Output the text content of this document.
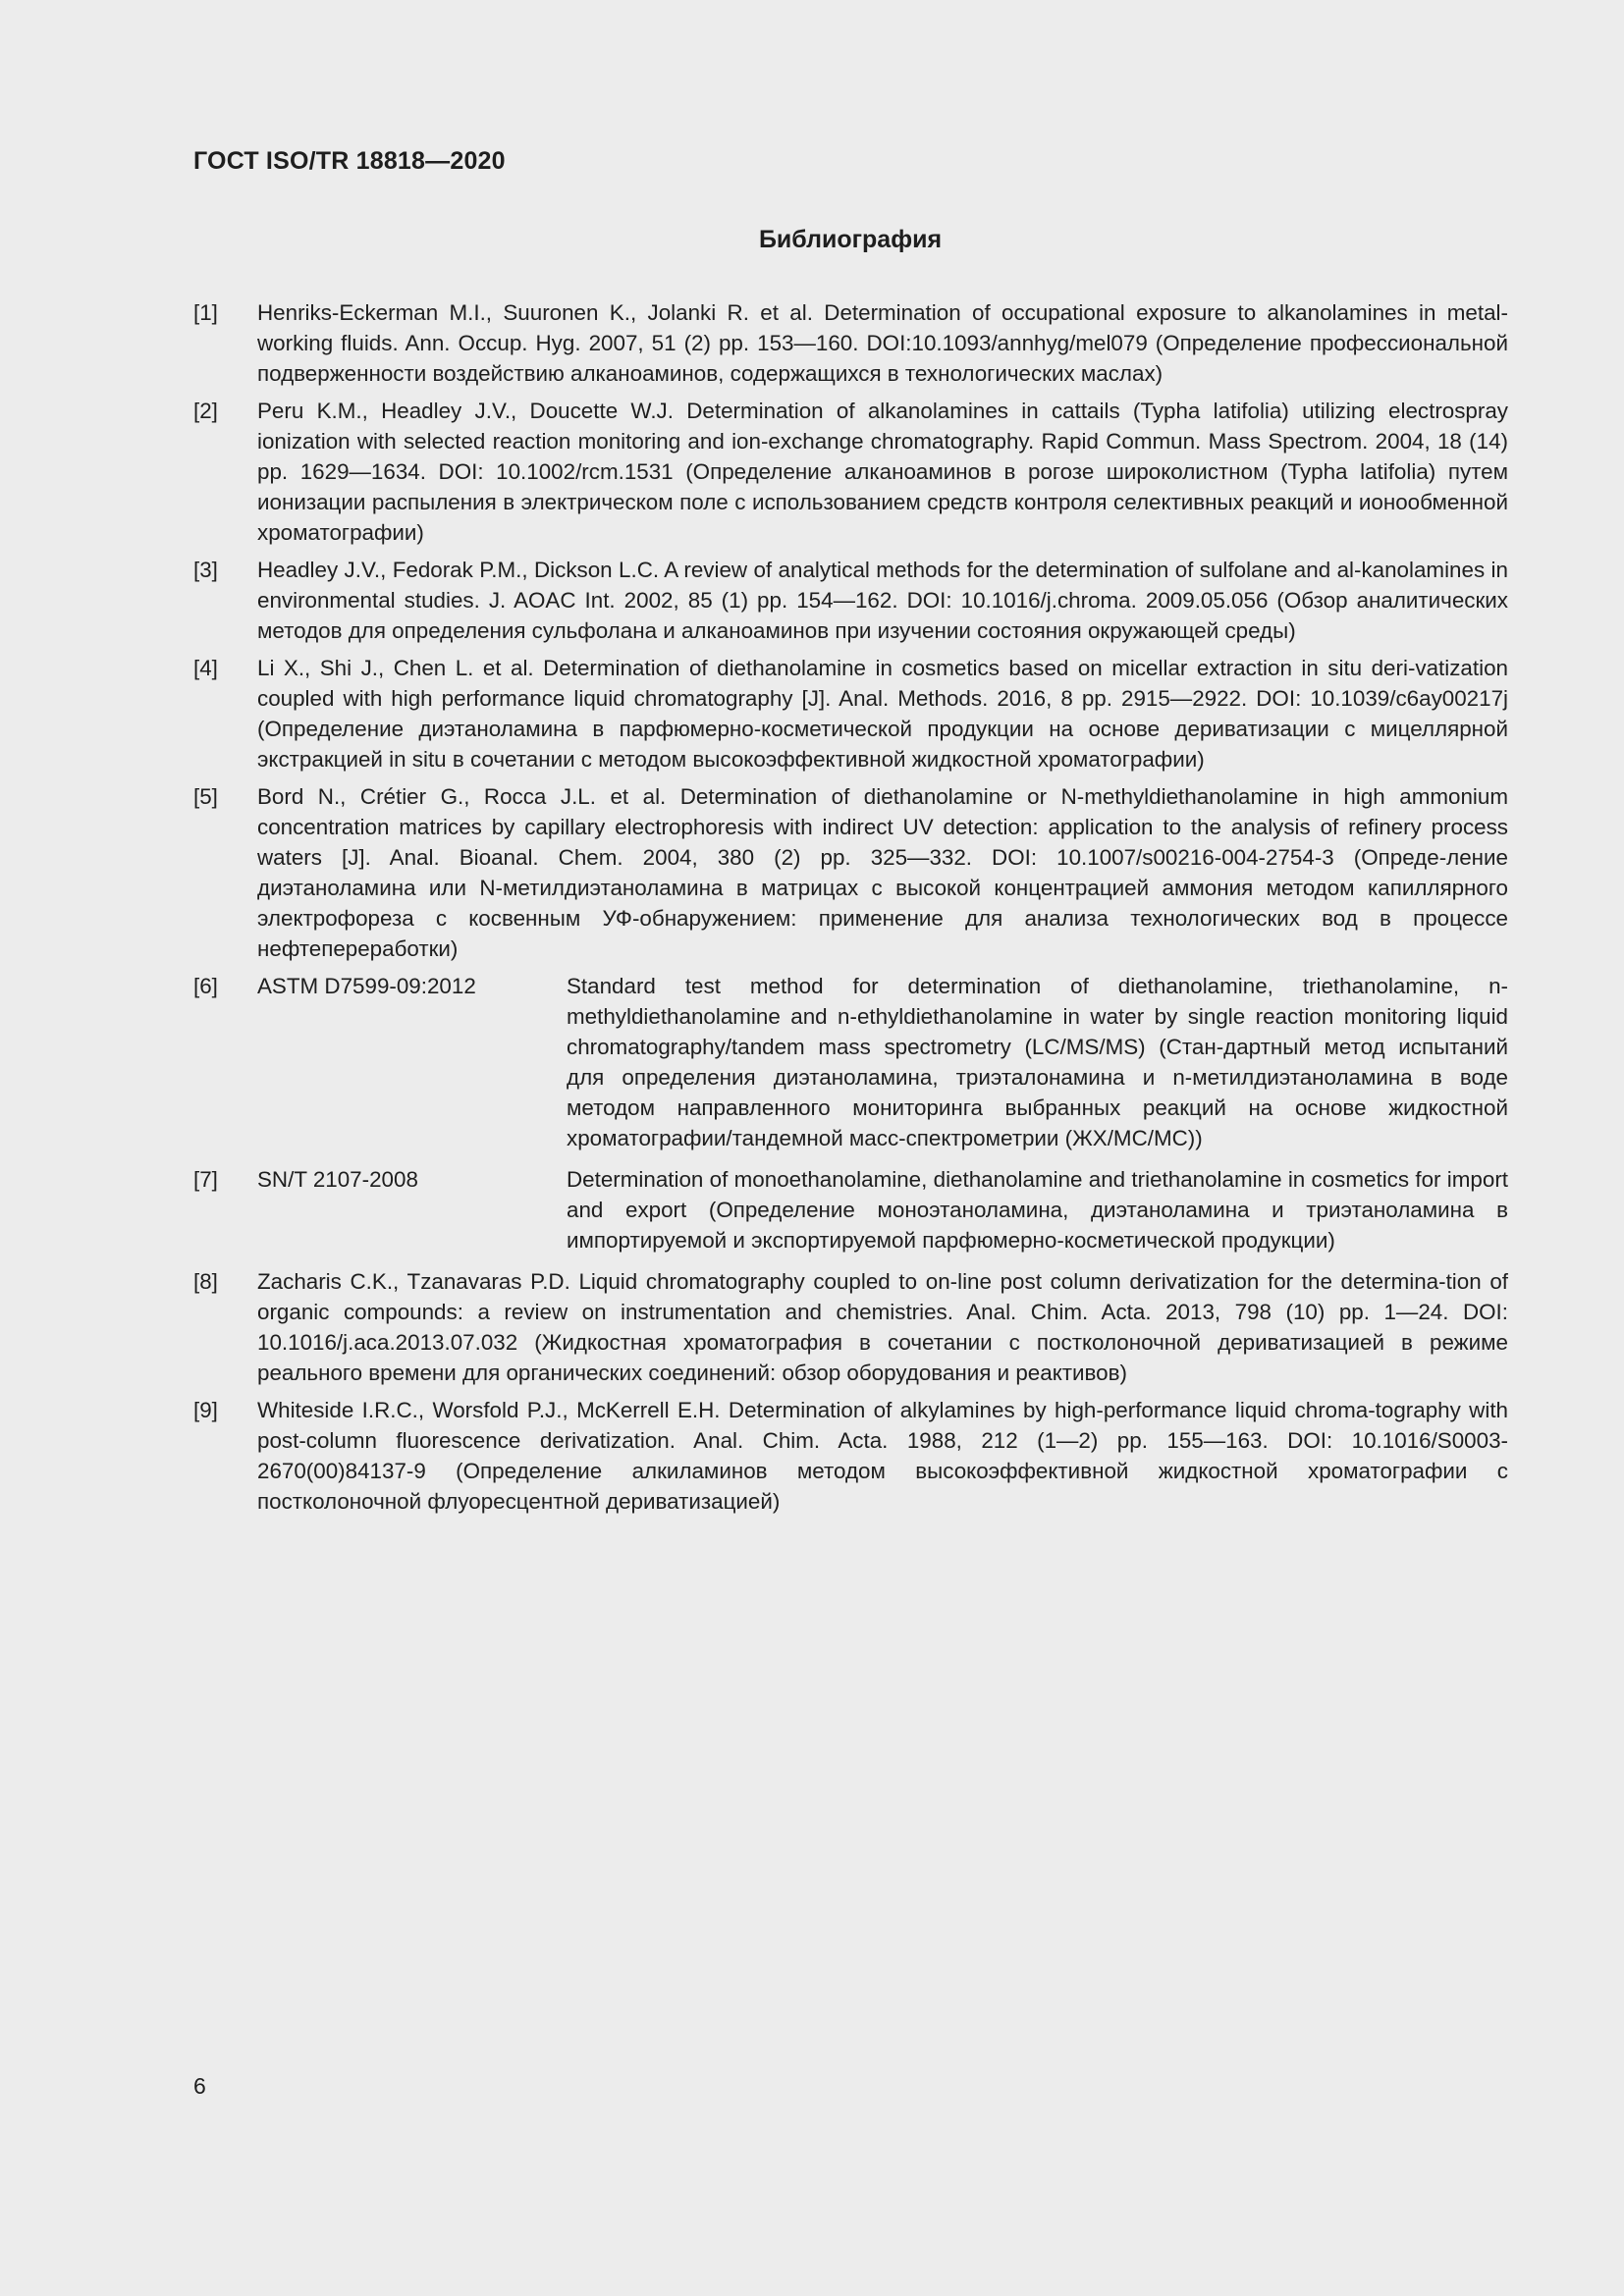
ГОСТ ISO/TR 18818—2020

Библиография
[1] Henriks-Eckerman M.I., Suuronen K., Jolanki R. et al. Determination of occupational exposure to alkanolamines in metal-working fluids. Ann. Occup. Hyg. 2007, 51 (2) pp. 153—160. DOI:10.1093/annhyg/mel079 (Определение профессиональной подверженности воздействию алканоаминов, содержащихся в технологических маслах)
[2] Peru K.M., Headley J.V., Doucette W.J. Determination of alkanolamines in cattails (Typha latifolia) utilizing electrospray ionization with selected reaction monitoring and ion-exchange chromatography. Rapid Commun. Mass Spectrom. 2004, 18 (14) pp. 1629—1634. DOI: 10.1002/rcm.1531 (Определение алканоаминов в рогозе широколистном (Typha latifolia) путем ионизации распыления в электрическом поле с использованием средств контроля селективных реакций и ионообменной хроматографии)
[3] Headley J.V., Fedorak P.M., Dickson L.C. A review of analytical methods for the determination of sulfolane and al-kanolamines in environmental studies. J. AOAC Int. 2002, 85 (1) pp. 154—162. DOI: 10.1016/j.chroma. 2009.05.056 (Обзор аналитических методов для определения сульфолана и алканоаминов при изучении состояния окружающей среды)
[4] Li X., Shi J., Chen L. et al. Determination of diethanolamine in cosmetics based on micellar extraction in situ deri-vatization coupled with high performance liquid chromatography [J]. Anal. Methods. 2016, 8 pp. 2915—2922. DOI: 10.1039/c6ay00217j (Определение диэтаноламина в парфюмерно-косметической продукции на основе дериватизации с мицеллярной экстракцией in situ в сочетании с методом высокоэффективной жидкостной хроматографии)
[5] Bord N., Crétier G., Rocca J.L. et al. Determination of diethanolamine or N-methyldiethanolamine in high ammonium concentration matrices by capillary electrophoresis with indirect UV detection: application to the analysis of refinery process waters [J]. Anal. Bioanal. Chem. 2004, 380 (2) pp. 325—332. DOI: 10.1007/s00216-004-2754-3 (Опреде-ление диэтаноламина или N-метилдиэтаноламина в матрицах с высокой концентрацией аммония методом капиллярного электрофореза с косвенным УФ-обнаружением: применение для анализа технологических вод в процессе нефтепереработки)
[6] ASTM D7599-09:2012	Standard test method for determination of diethanolamine, triethanolamine, n-methyldiethanolamine and n-ethyldiethanolamine in water by single reaction monitoring liquid chromatography/tandem mass spectrometry (LC/MS/MS) (Стан-дартный метод испытаний для определения диэтаноламина, триэталонамина и n-метилдиэтаноламина в воде методом направленного мониторинга выбранных реакций на основе жидкостной хроматографии/тандемной масс-спектрометрии (ЖХ/МС/МС))
[7] SN/T 2107-2008	Determination of monoethanolamine, diethanolamine and triethanolamine in cosmetics for import and export (Определение моноэтаноламина, диэтаноламина и триэтаноламина в импортируемой и экспортируемой парфюмерно-косметической продукции)
[8] Zacharis C.K., Tzanavaras P.D. Liquid chromatography coupled to on-line post column derivatization for the determina-tion of organic compounds: a review on instrumentation and chemistries. Anal. Chim. Acta. 2013, 798 (10) pp. 1—24. DOI: 10.1016/j.aca.2013.07.032 (Жидкостная хроматография в сочетании с постколоночной дериватизацией в режиме реального времени для органических соединений: обзор оборудования и реактивов)
[9] Whiteside I.R.C., Worsfold P.J., McKerrell E.H. Determination of alkylamines by high-performance liquid chroma-tography with post-column fluorescence derivatization. Anal. Chim. Acta. 1988, 212 (1—2) pp. 155—163. DOI: 10.1016/S0003-2670(00)84137-9 (Определение алкиламинов методом высокоэффективной жидкостной хроматографии с постколоночной флуоресцентной дериватизацией)

6
